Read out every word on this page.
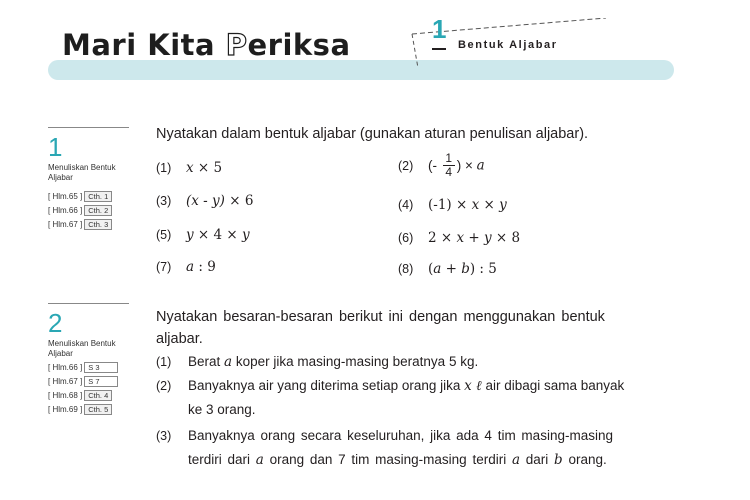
Mari Kita Periksa	1
Bentuk Aljabar
1
Menuliskan Bentuk Aljabar
[ Hlm.65 ] Cth. 1
[ Hlm.66 ] Cth. 2
[ Hlm.67 ] Cth. 3
Nyatakan dalam bentuk aljabar (gunakan aturan penulisan aljabar).
(1) x × 5	(2) (- $\frac{1}{4}$ ) × a
(3) (x - y) × 6	(4) (-1) × x × y
(5) y × 4 × y	(6) 2 × x + y × 8
(7) a : 9	(8) (a + b) : 5
2
Menuliskan Bentuk Aljabar
[ Hlm.66 ] S 3
[ Hlm.67 ] S 7
[ Hlm.68 ] Cth. 4
[ Hlm.69 ] Cth. 5
Nyatakan besaran-besaran berikut ini dengan menggunakan bentuk
aljabar.
(1) Berat a koper jika masing-masing beratnya 5 kg.
(2) Banyaknya air yang diterima setiap orang jika x ℓ air dibagi sama banyak
ke 3 orang.
(3) Banyaknya orang secara keseluruhan, jika ada 4 tim masing-masing
terdiri dari a orang dan 7 tim masing-masing terdiri a dari b orang.
